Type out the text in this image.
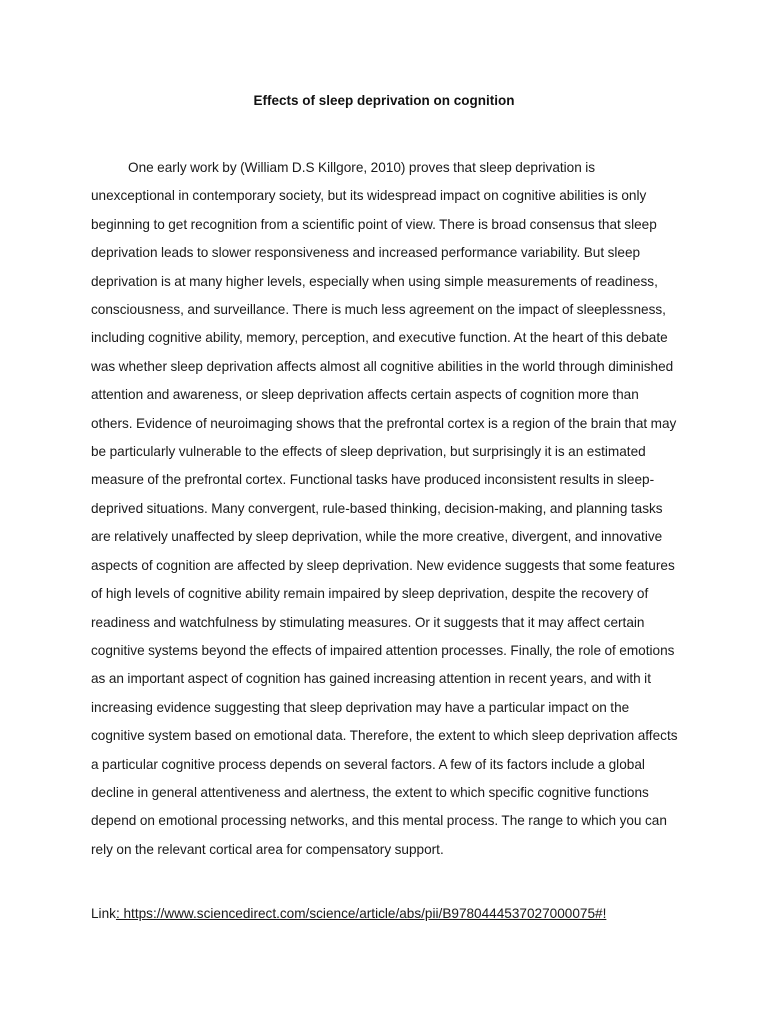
Effects of sleep deprivation on cognition

One early work by (William D.S Killgore, 2010) proves that sleep deprivation is unexceptional in contemporary society, but its widespread impact on cognitive abilities is only beginning to get recognition from a scientific point of view. There is broad consensus that sleep deprivation leads to slower responsiveness and increased performance variability. But sleep deprivation is at many higher levels, especially when using simple measurements of readiness, consciousness, and surveillance. There is much less agreement on the impact of sleeplessness, including cognitive ability, memory, perception, and executive function. At the heart of this debate was whether sleep deprivation affects almost all cognitive abilities in the world through diminished attention and awareness, or sleep deprivation affects certain aspects of cognition more than others. Evidence of neuroimaging shows that the prefrontal cortex is a region of the brain that may be particularly vulnerable to the effects of sleep deprivation, but surprisingly it is an estimated measure of the prefrontal cortex. Functional tasks have produced inconsistent results in sleep-deprived situations. Many convergent, rule-based thinking, decision-making, and planning tasks are relatively unaffected by sleep deprivation, while the more creative, divergent, and innovative aspects of cognition are affected by sleep deprivation. New evidence suggests that some features of high levels of cognitive ability remain impaired by sleep deprivation, despite the recovery of readiness and watchfulness by stimulating measures. Or it suggests that it may affect certain cognitive systems beyond the effects of impaired attention processes. Finally, the role of emotions as an important aspect of cognition has gained increasing attention in recent years, and with it increasing evidence suggesting that sleep deprivation may have a particular impact on the cognitive system based on emotional data. Therefore, the extent to which sleep deprivation affects a particular cognitive process depends on several factors. A few of its factors include a global decline in general attentiveness and alertness, the extent to which specific cognitive functions depend on emotional processing networks, and this mental process. The range to which you can rely on the relevant cortical area for compensatory support.

Link: https://www.sciencedirect.com/science/article/abs/pii/B9780444537027000075#!
